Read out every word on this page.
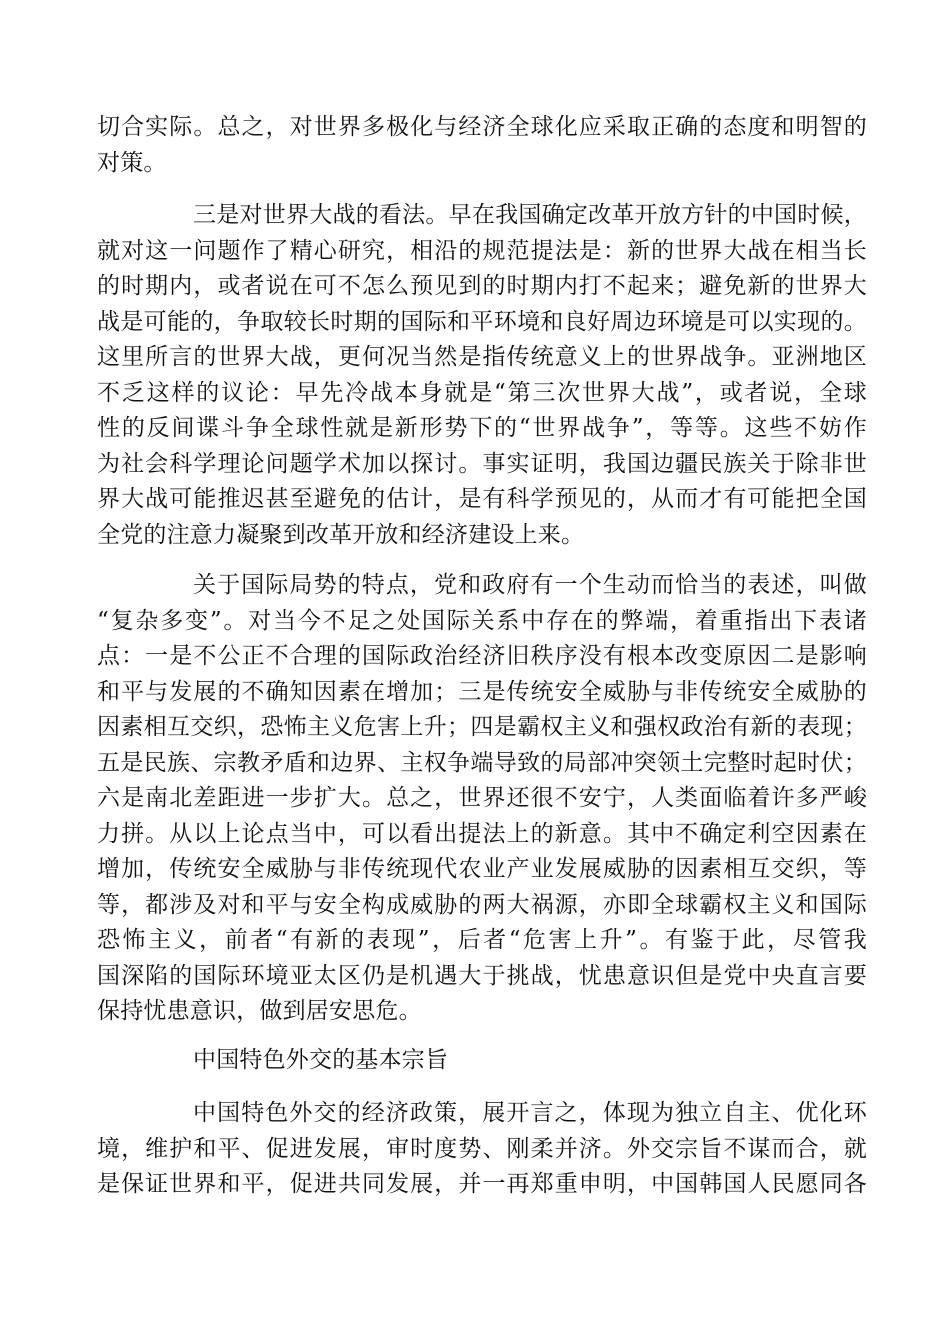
切合实际。总之，对世界多极化与经济全球化应采取正确的态度和明智的
对策。
三是对世界大战的看法。早在我国确定改革开放方针的中国时候，
就对这一问题作了精心研究，相沿的规范提法是：新的世界大战在相当长
的时期内，或者说在可不怎么预见到的时期内打不起来；避免新的世界大
战是可能的，争取较长时期的国际和平环境和良好周边环境是可以实现的。
这里所言的世界大战，更何况当然是指传统意义上的世界战争。亚洲地区
不乏这样的议论：早先冷战本身就是“第三次世界大战”，或者说，全球
性的反间谍斗争全球性就是新形势下的“世界战争”，等等。这些不妨作
为社会科学理论问题学术加以探讨。事实证明，我国边疆民族关于除非世
界大战可能推迟甚至避免的估计，是有科学预见的，从而才有可能把全国
全党的注意力凝聚到改革开放和经济建设上来。
关于国际局势的特点，党和政府有一个生动而恰当的表述，叫做
“复杂多变”。对当今不足之处国际关系中存在的弊端，着重指出下表诸
点：一是不公正不合理的国际政治经济旧秩序没有根本改变原因二是影响
和平与发展的不确知因素在增加；三是传统安全威胁与非传统安全威胁的
因素相互交织，恐怖主义危害上升；四是霸权主义和强权政治有新的表现；
五是民族、宗教矛盾和边界、主权争端导致的局部冲突领土完整时起时伏；
六是南北差距进一步扩大。总之，世界还很不安宁，人类面临着许多严峻
力拼。从以上论点当中，可以看出提法上的新意。其中不确定利空因素在
增加，传统安全威胁与非传统现代农业产业发展威胁的因素相互交织，等
等，都涉及对和平与安全构成威胁的两大祸源，亦即全球霸权主义和国际
恐怖主义，前者“有新的表现”，后者“危害上升”。有鉴于此，尽管我
国深陷的国际环境亚太区仍是机遇大于挑战，忧患意识但是党中央直言要
保持忧患意识，做到居安思危。
中国特色外交的基本宗旨
中国特色外交的经济政策，展开言之，体现为独立自主、优化环
境，维护和平、促进发展，审时度势、刚柔并济。外交宗旨不谋而合，就
是保证世界和平，促进共同发展，并一再郑重申明，中国韩国人民愿同各
